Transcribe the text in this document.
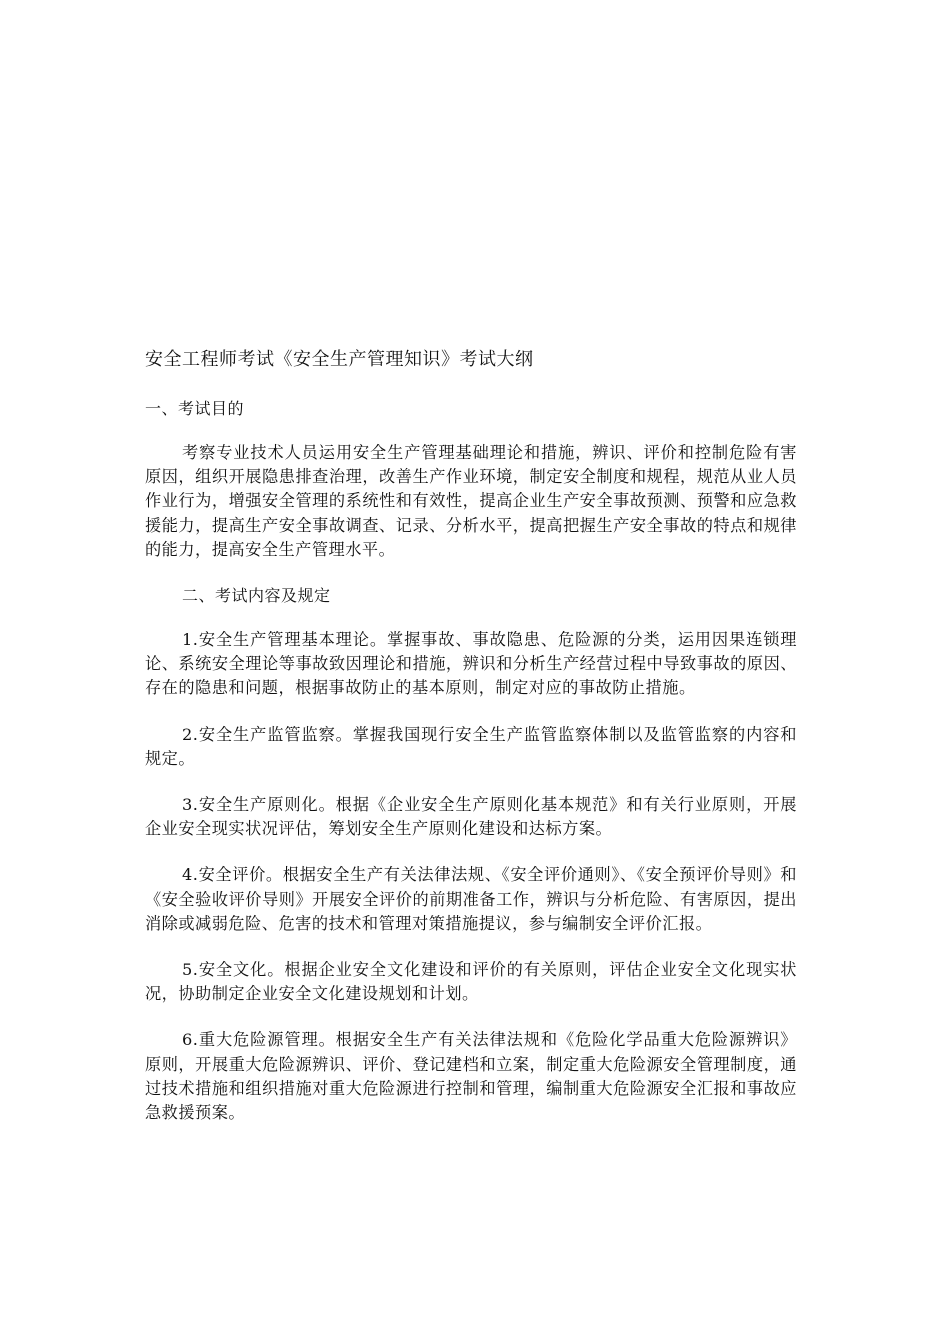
安全工程师考试《安全生产管理知识》考试大纲
一、考试目的

考察专业技术人员运用安全生产管理基础理论和措施，辨识、评价和控制危险有害原因，组织开展隐患排查治理，改善生产作业环境，制定安全制度和规程，规范从业人员作业行为，增强安全管理的系统性和有效性，提高企业生产安全事故预测、预警和应急救援能力，提高生产安全事故调查、记录、分析水平，提高把握生产安全事故的特点和规律的能力，提高安全生产管理水平。

二、考试内容及规定

1.安全生产管理基本理论。掌握事故、事故隐患、危险源的分类，运用因果连锁理论、系统安全理论等事故致因理论和措施，辨识和分析生产经营过程中导致事故的原因、存在的隐患和问题，根据事故防止的基本原则，制定对应的事故防止措施。

2.安全生产监管监察。掌握我国现行安全生产监管监察体制以及监管监察的内容和规定。

3.安全生产原则化。根据《企业安全生产原则化基本规范》和有关行业原则，开展企业安全现实状况评估，筹划安全生产原则化建设和达标方案。

4.安全评价。根据安全生产有关法律法规、《安全评价通则》、《安全预评价导则》和《安全验收评价导则》开展安全评价的前期准备工作，辨识与分析危险、有害原因，提出消除或减弱危险、危害的技术和管理对策措施提议，参与编制安全评价汇报。

5.安全文化。根据企业安全文化建设和评价的有关原则，评估企业安全文化现实状况，协助制定企业安全文化建设规划和计划。

6.重大危险源管理。根据安全生产有关法律法规和《危险化学品重大危险源辨识》原则，开展重大危险源辨识、评价、登记建档和立案，制定重大危险源安全管理制度，通过技术措施和组织措施对重大危险源进行控制和管理，编制重大危险源安全汇报和事故应急救援预案。
